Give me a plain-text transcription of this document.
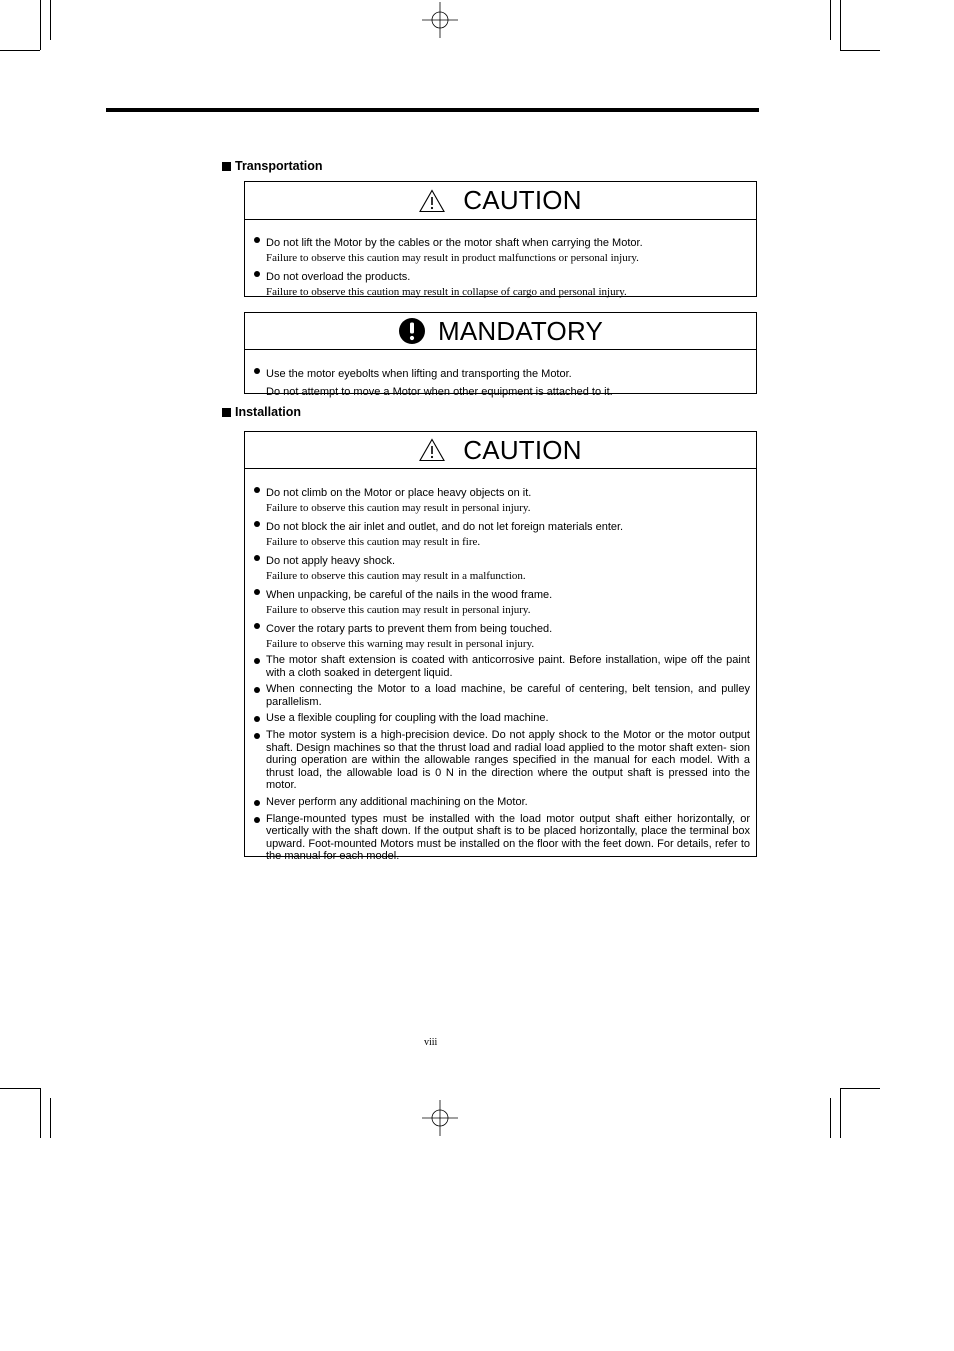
Transportation
CAUTION
Do not lift the Motor by the cables or the motor shaft when carrying the Motor.
Failure to observe this caution may result in product malfunctions or personal injury.
Do not overload the products.
Failure to observe this caution may result in collapse of cargo and personal injury.
MANDATORY
Use the motor eyebolts when lifting and transporting the Motor.
Do not attempt to move a Motor when other equipment is attached to it.
Installation
CAUTION
Do not climb on the Motor or place heavy objects on it.
Failure to observe this caution may result in personal injury.
Do not block the air inlet and outlet, and do not let foreign materials enter.
Failure to observe this caution may result in fire.
Do not apply heavy shock.
Failure to observe this caution may result in a malfunction.
When unpacking, be careful of the nails in the wood frame.
Failure to observe this caution may result in personal injury.
Cover the rotary parts to prevent them from being touched.
Failure to observe this warning may result in personal injury.
The motor shaft extension is coated with anticorrosive paint. Before installation, wipe off the paint with a cloth soaked in detergent liquid.
When connecting the Motor to a load machine, be careful of centering, belt tension, and pulley parallelism.
Use a flexible coupling for coupling with the load machine.
The motor system is a high-precision device. Do not apply shock to the Motor or the motor output shaft. Design machines so that the thrust load and radial load applied to the motor shaft exten- sion during operation are within the allowable ranges specified in the manual for each model. With a thrust load, the allowable load is 0 N in the direction where the output shaft is pressed into the motor.
Never perform any additional machining on the Motor.
Flange-mounted types must be installed with the load motor output shaft either horizontally, or vertically with the shaft down. If the output shaft is to be placed horizontally, place the terminal box upward. Foot-mounted Motors must be installed on the floor with the feet down. For details, refer to the manual for each model.
viii
